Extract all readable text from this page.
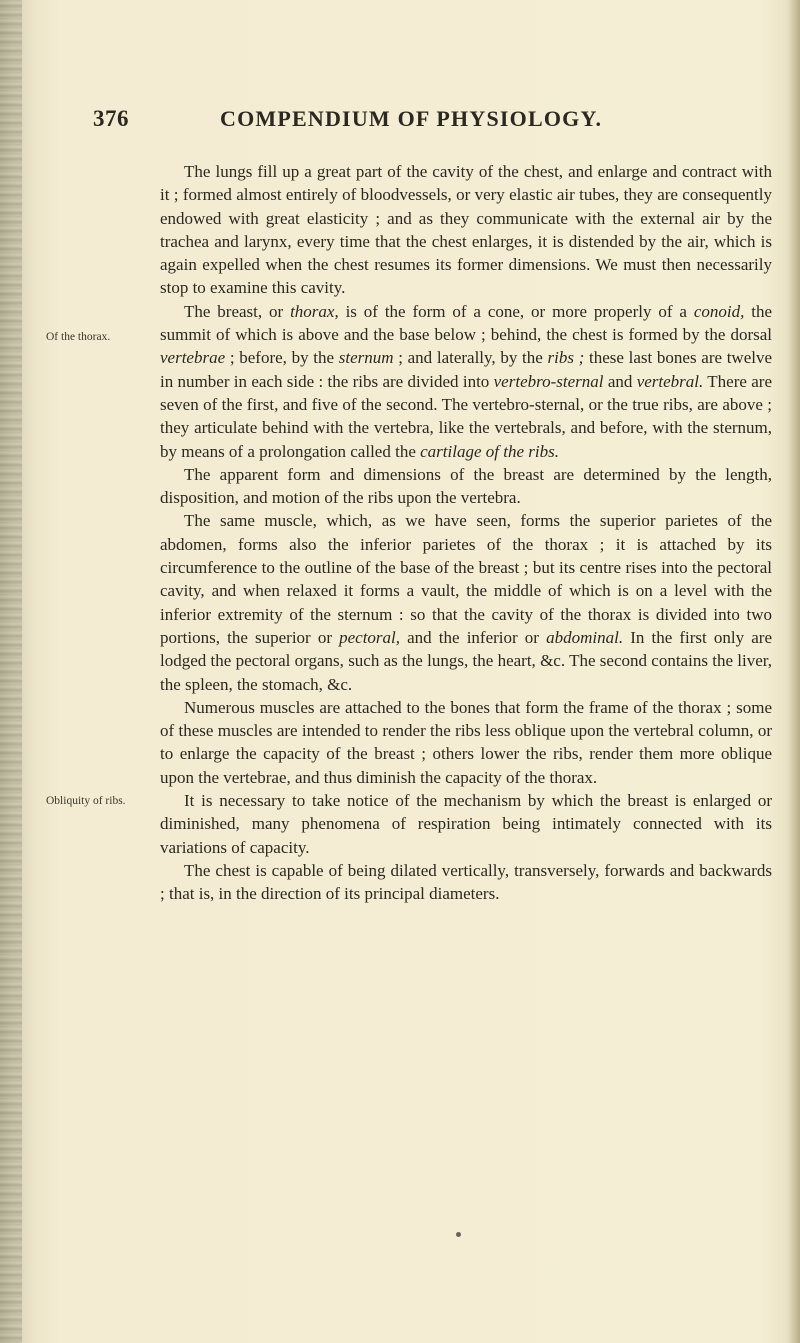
376	COMPENDIUM OF PHYSIOLOGY.
Of the thorax.
Obliquity of ribs.

The lungs fill up a great part of the cavity of the chest, and enlarge and contract with it ; formed almost entirely of bloodvessels, or very elastic air tubes, they are consequently endowed with great elasticity ; and as they communicate with the external air by the trachea and larynx, every time that the chest enlarges, it is distended by the air, which is again expelled when the chest resumes its former dimensions. We must then necessarily stop to examine this cavity.

The breast, or thorax, is of the form of a cone, or more properly of a conoid, the summit of which is above and the base below ; behind, the chest is formed by the dorsal vertebrae ; before, by the sternum ; and laterally, by the ribs ; these last bones are twelve in number in each side : the ribs are divided into vertebro-sternal and vertebral. There are seven of the first, and five of the second. The vertebro-sternal, or the true ribs, are above ; they articulate behind with the vertebra, like the vertebrals, and before, with the sternum, by means of a prolongation called the cartilage of the ribs.

The apparent form and dimensions of the breast are determined by the length, disposition, and motion of the ribs upon the vertebra.

The same muscle, which, as we have seen, forms the superior parietes of the abdomen, forms also the inferior parietes of the thorax ; it is attached by its circumference to the outline of the base of the breast ; but its centre rises into the pectoral cavity, and when relaxed it forms a vault, the middle of which is on a level with the inferior extremity of the sternum : so that the cavity of the thorax is divided into two portions, the superior or pectoral, and the inferior or abdominal. In the first only are lodged the pectoral organs, such as the lungs, the heart, &c. The second contains the liver, the spleen, the stomach, &c.

Numerous muscles are attached to the bones that form the frame of the thorax ; some of these muscles are intended to render the ribs less oblique upon the vertebral column, or to enlarge the capacity of the breast ; others lower the ribs, render them more oblique upon the vertebrae, and thus diminish the capacity of the thorax.

It is necessary to take notice of the mechanism by which the breast is enlarged or diminished, many phenomena of respiration being intimately connected with its variations of capacity.

The chest is capable of being dilated vertically, transversely, forwards and backwards ; that is, in the direction of its principal diameters.
